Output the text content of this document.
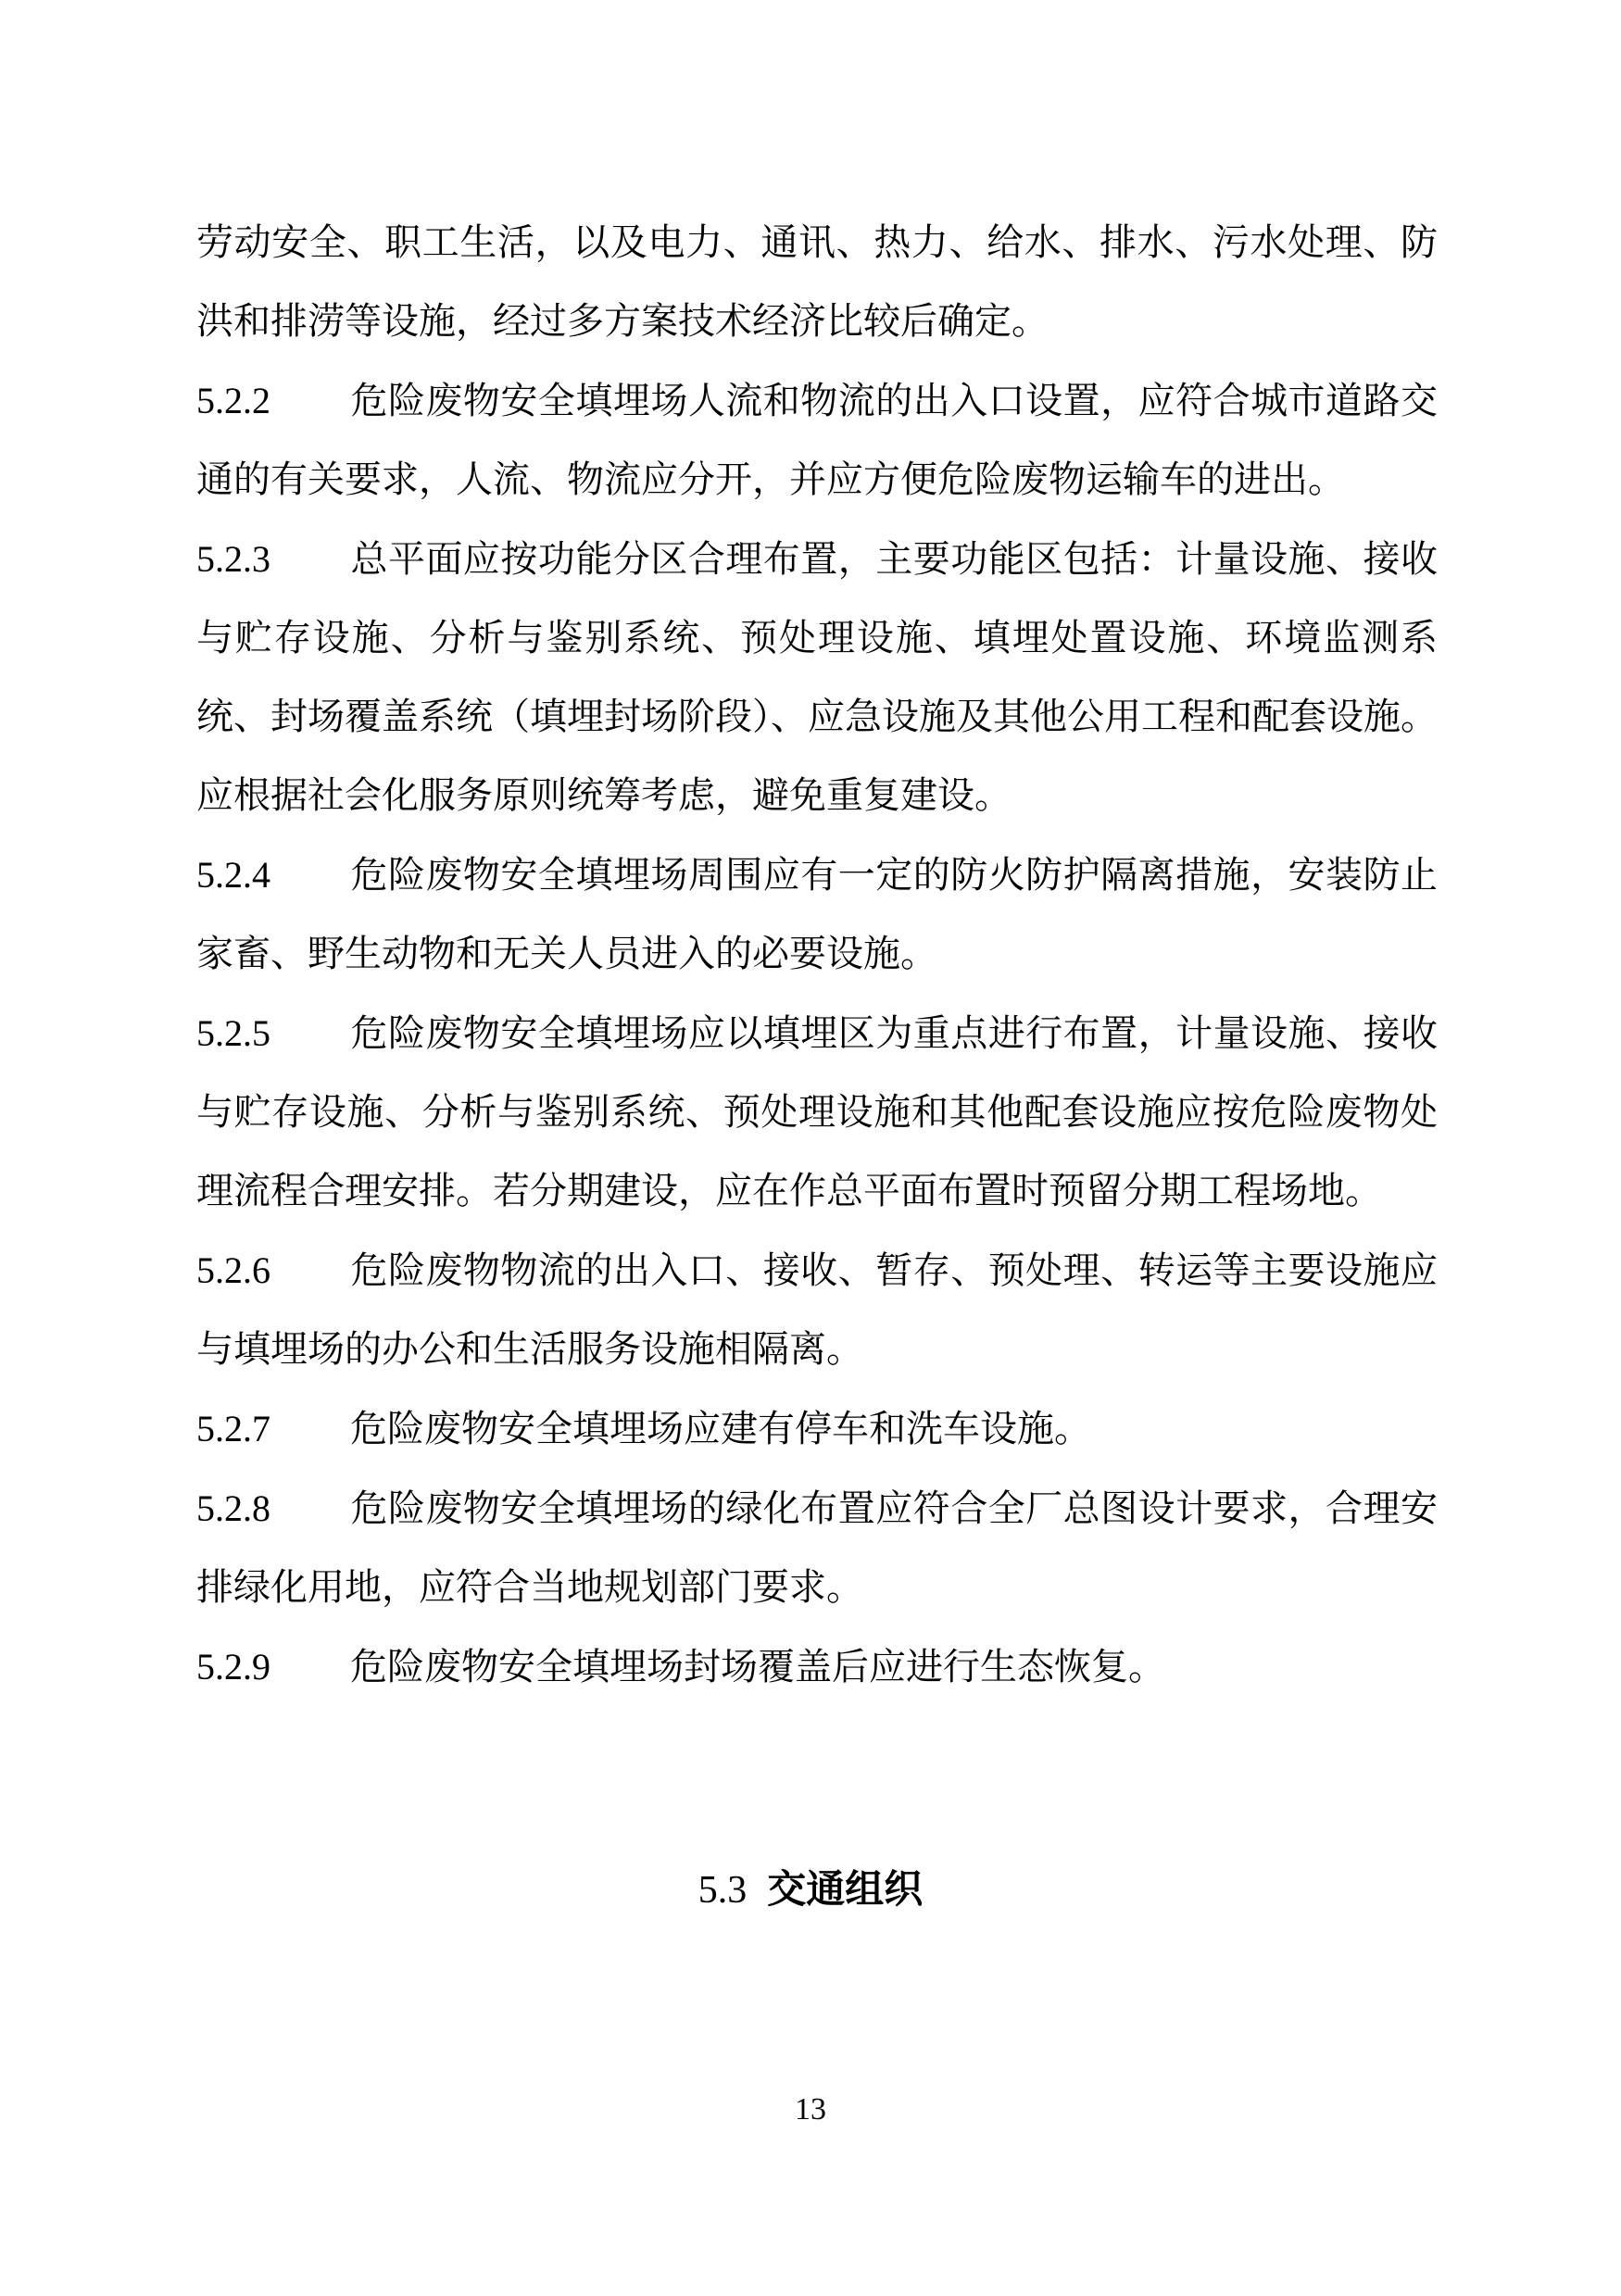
劳动安全、职工生活，以及电力、通讯、热力、给水、排水、污水处理、防洪和排涝等设施，经过多方案技术经济比较后确定。

5.2.2 危险废物安全填埋场人流和物流的出入口设置，应符合城市道路交通的有关要求，人流、物流应分开，并应方便危险废物运输车的进出。

5.2.3 总平面应按功能分区合理布置，主要功能区包括：计量设施、接收与贮存设施、分析与鉴别系统、预处理设施、填埋处置设施、环境监测系统、封场覆盖系统（填埋封场阶段）、应急设施及其他公用工程和配套设施。应根据社会化服务原则统筹考虑，避免重复建设。

5.2.4 危险废物安全填埋场周围应有一定的防火防护隔离措施，安装防止家畜、野生动物和无关人员进入的必要设施。

5.2.5 危险废物安全填埋场应以填埋区为重点进行布置，计量设施、接收与贮存设施、分析与鉴别系统、预处理设施和其他配套设施应按危险废物处理流程合理安排。若分期建设，应在作总平面布置时预留分期工程场地。

5.2.6 危险废物物流的出入口、接收、暂存、预处理、转运等主要设施应与填埋场的办公和生活服务设施相隔离。

5.2.7 危险废物安全填埋场应建有停车和洗车设施。

5.2.8 危险废物安全填埋场的绿化布置应符合全厂总图设计要求，合理安排绿化用地，应符合当地规划部门要求。

5.2.9 危险废物安全填埋场封场覆盖后应进行生态恢复。

5.3 交通组织
13
